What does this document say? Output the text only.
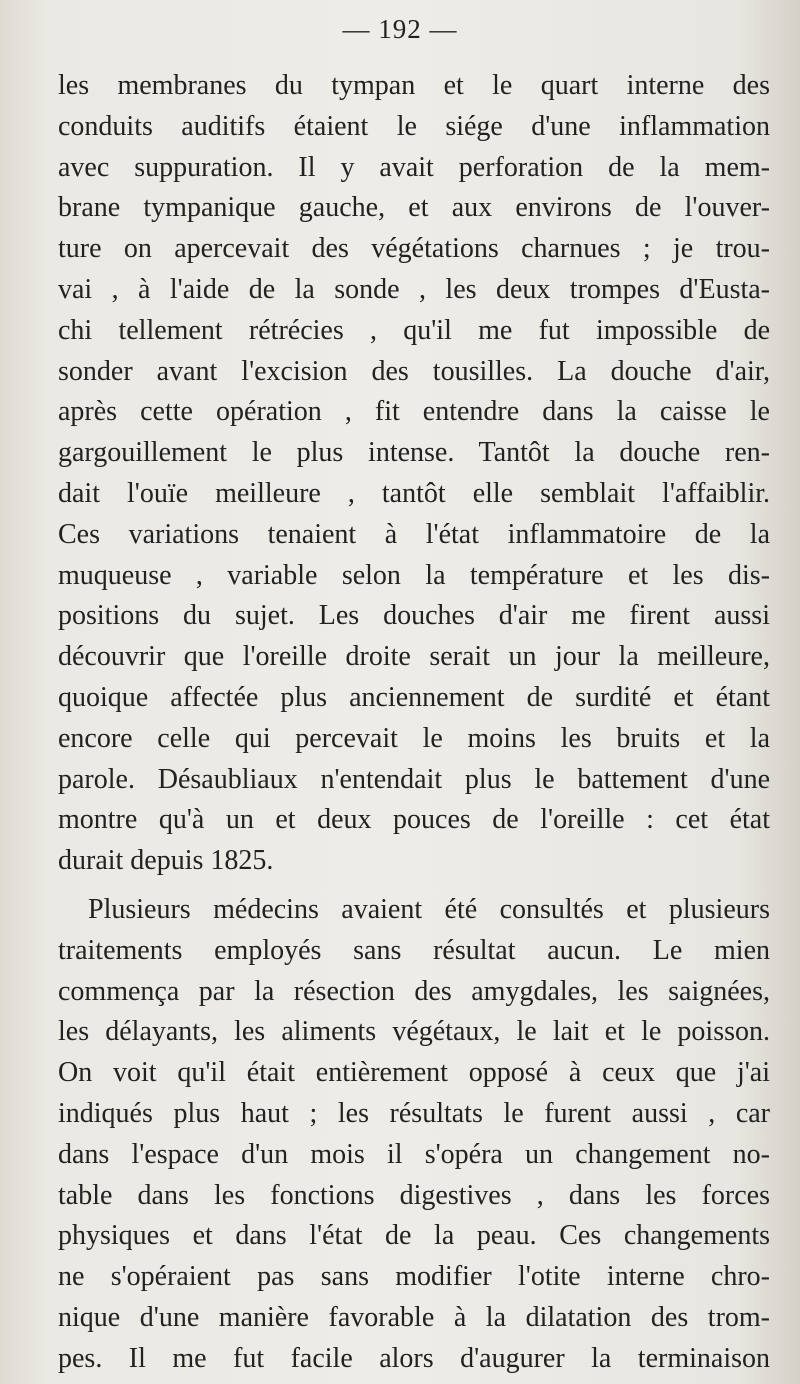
— 192 —
les membranes du tympan et le quart interne des
conduits auditifs étaient le siége d'une inflammation
avec suppuration. Il y avait perforation de la mem-
brane tympanique gauche, et aux environs de l'ouver-
ture on apercevait des végétations charnues ; je trou-
vai , à l'aide de la sonde , les deux trompes d'Eusta-
chi tellement rétrécies , qu'il me fut impossible de
sonder avant l'excision des tousilles. La douche d'air,
après cette opération , fit entendre dans la caisse le
gargouillement le plus intense. Tantôt la douche ren-
dait l'ouïe meilleure , tantôt elle semblait l'affaiblir.
Ces variations tenaient à l'état inflammatoire de la
muqueuse , variable selon la température et les dis-
positions du sujet. Les douches d'air me firent aussi
découvrir que l'oreille droite serait un jour la meilleure,
quoique affectée plus anciennement de surdité et étant
encore celle qui percevait le moins les bruits et la
parole. Désaubliaux n'entendait plus le battement d'une
montre qu'à un et deux pouces de l'oreille : cet état
durait depuis 1825.
Plusieurs médecins avaient été consultés et plusieurs
traitements employés sans résultat aucun. Le mien
commença par la résection des amygdales, les saignées,
les délayants, les aliments végétaux, le lait et le poisson.
On voit qu'il était entièrement opposé à ceux que j'ai
indiqués plus haut ; les résultats le furent aussi , car
dans l'espace d'un mois il s'opéra un changement no-
table dans les fonctions digestives , dans les forces
physiques et dans l'état de la peau. Ces changements
ne s'opéraient pas sans modifier l'otite interne chro-
nique d'une manière favorable à la dilatation des trom-
pes. Il me fut facile alors d'augurer la terminaison
